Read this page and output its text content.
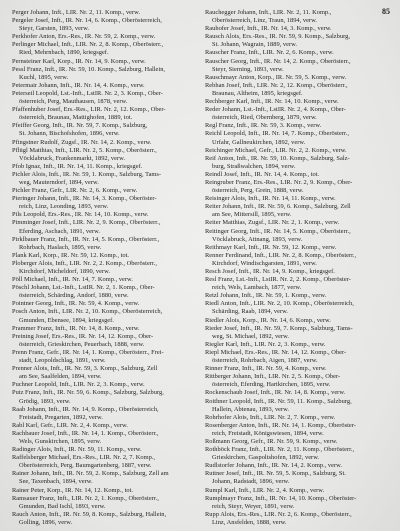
85
Perger Johann, Inft., LIR. Nr. 2, 11. Komp., verw.
Pergeler Josef, Inft., IR. Nr. 14, 6. Komp., Oberösterreich,
Steyr, Garsten, 1893, verw.
Perkhofer Anton, Ers.-Res., IR. Nr. 59, 2. Komp., verw.
Perlinger Michael, Inft., LIR. Nr. 2, 8. Komp., Oberösterr.,
Ried, Mehrnbach, 1890, kriegsgef.
Pernsteiner Karl, Korp., IR. Nr. 14, 9. Komp., verw.
Pessl Franz, Inft., IR. Nr. 59, 10. Komp., Salzburg, Hallein,
Kuchl, 1895, verw.
Petermair Johann, Inft., IR. Nr. 14, 4. Komp., verw.
Peterseil Leopold, Lst.-Inft., LstIR. Nr. 2, 3. Komp., Ober-
österreich, Perg, Mauthausen, 1878, verw.
Pfaffenhuber Josef, Ers.-Res., LIR. Nr. 2, 12. Komp., Ober-
österreich, Braunau, Mattighofen, 1889, tot.
Pfeiffer Georg, Inft., IR. Nr. 59, 7. Komp., Salzburg,
St. Johann, Bischofshofen, 1896, verw.
Pfingstner Rudolf, Zugsf., IR. Nr. 14, 2. Komp., verw.
Pflügl Matthias, Inft., LIR. Nr. 2, 5. Komp., Oberösterr.,
Vöcklabruck, Frankenmarkt, 1892, verw.
Pfob Ignaz, Inft., IR. Nr. 14, 11. Komp., kriegsgef.
Pichler Alois, Inft., IR. Nr. 59, 1. Komp., Salzburg, Tams-
weg, Mauterndorf, 1894, verw.
Pichler Franz, Gefr., LIR. Nr. 2, 6. Komp., verw.
Pieringer Johann, Inft., IR. Nr. 14, 3. Komp., Oberöster-
reich, Linz, Leonding, 1893, verw.
Pils Leopold, Ers.-Res., IR. Nr. 14, 10. Komp., verw.
Pimminger Josef, Inft., LIR. Nr. 2, 9. Komp., Oberösterr.,
Eferding, Aschach, 1891, verw.
Pirklbauer Franz, Inft., IR. Nr. 14, 5. Komp., Oberösterr.,
Rohrbach, Haslach, 1895, verw.
Plank Karl, Korp., IR. Nr. 59, 12. Komp., tot.
Ploberger Alois, Inft., LIR. Nr. 2, 2. Komp., Oberösterr.,
Kirchdorf, Micheldorf, 1890, verw.
Pöll Michael, Inft., IR. Nr. 14, 7. Komp., verw.
Pöschl Johann, Lst.-Inft., LstIR. Nr. 2, 1. Komp., Ober-
österreich, Schärding, Andorf, 1880, verw.
Pointner Georg, Inft., IR. Nr. 59, 4. Komp., verw.
Posch Anton, Inft., LIR. Nr. 2, 10. Komp., Oberösterreich,
Gmunden, Ebensee, 1894, kriegsgef.
Prammer Franz, Inft., IR. Nr. 14, 8. Komp., verw.
Preining Josef, Ers.-Res., IR. Nr. 14, 12. Komp., Ober-
österreich, Grieskirchen, Peuerbach, 1888, verw.
Prenn Franz, Gefr., IR. Nr. 14, 1. Komp., Oberösterr., Frei-
stadt, Leopoldschlag, 1891, verw.
Prenner Alois, Inft., IR. Nr. 59, 3. Komp., Salzburg, Zell
am See, Saalfelden, 1894, verw.
Puchner Leopold, Inft., LIR. Nr. 2, 3. Komp., verw.
Putz Franz, Inft., IR. Nr. 59, 6. Komp., Salzburg, Salzburg,
Grödig, 1893, verw.
Raab Johann, Inft., IR. Nr. 14, 9. Komp., Oberösterreich,
Freistadt, Pregarten, 1892, verw.
Rabl Karl, Gefr., LIR. Nr. 2, 4. Komp., verw.
Rachbauer Josef, Inft., IR. Nr. 14, 1. Komp., Oberösterr.,
Wels, Gunskirchen, 1895, verw.
Radinger Alois, Inft., IR. Nr. 59, 11. Komp., verw.
Raffelsberger Michael, Ers.-Res., LIR. Nr. 2, 7. Komp.,
Oberösterreich, Perg, Baumgartenberg, 1887, verw.
Rainer Johann, Inft., IR. Nr. 59, 2. Komp., Salzburg, Zell am
See, Taxenbach, 1894, verw.
Rainer Peter, Korp., IR. Nr. 14, 12. Komp., tot.
Ramsauer Franz, Inft., LIR. Nr. 2, 1. Komp., Oberösterr.,
Gmunden, Bad Ischl, 1893, verw.
Rauch Anton, Inft., IR. Nr. 59, 8. Komp., Salzburg, Hallein,
Golling, 1896, verw.
Rauchegger Johann, Inft., LIR. Nr. 2, 11. Komp.,
Oberösterreich, Linz, Traun, 1894, verw.
Rauhofer Josef, Inft., IR. Nr. 14, 3. Komp., verw.
Rausch Alois, Ers.-Res., IR. Nr. 59, 9. Komp., Salzburg,
St. Johann, Wagrain, 1889, verw.
Rauscher Franz, Inft., LIR. Nr. 2, 6. Komp., verw.
Rauscher Georg, Inft., IR. Nr. 14, 2. Komp., Oberösterr.,
Steyr, Sierning, 1893, verw.
Rauschmayr Anton, Korp., IR. Nr. 59, 5. Komp., verw.
Rebhan Josef, Inft., LIR. Nr. 2, 12. Komp., Oberösterr.,
Braunau, Altheim, 1895, kriegsgef.
Rechberger Karl, Inft., IR. Nr. 14, 10. Komp., verw.
Reder Johann, Lst.-Inft., LstIR. Nr. 2, 4. Komp., Ober-
österreich, Ried, Obernberg, 1879, verw.
Regl Franz, Inft., IR. Nr. 59, 3. Komp., verw.
Reichl Leopold, Inft., IR. Nr. 14, 7. Komp., Oberösterr.,
Urfahr, Gallneukirchen, 1892, verw.
Reichinger Michael, Gefr., LIR. Nr. 2, 2. Komp., verw.
Reif Anton, Inft., IR. Nr. 59, 10. Komp., Salzburg, Salz-
burg, Straßwalchen, 1894, verw.
Reindl Josef, Inft., IR. Nr. 14, 4. Komp., tot.
Reingruber Franz, Ers.-Res., LIR. Nr. 2, 9. Komp., Ober-
österreich, Perg, Grein, 1888, verw.
Reisinger Alois, Inft., IR. Nr. 14, 11. Komp., verw.
Reiter Johann, Inft., IR. Nr. 59, 6. Komp., Salzburg, Zell
am See, Mittersill, 1895, verw.
Reiter Matthias, Zugsf., LIR. Nr. 2, 1. Komp., verw.
Reitinger Georg, Inft., IR. Nr. 14, 5. Komp., Oberösterr.,
Vöcklabruck, Attnang, 1893, verw.
Reithmayr Karl, Inft., IR. Nr. 59, 12. Komp., verw.
Renner Ferdinand, Inft., LIR. Nr. 2, 8. Komp., Oberösterr.,
Kirchdorf, Windischgarsten, 1891, verw.
Resch Josef, Inft., IR. Nr. 14, 9. Komp., kriegsgef.
Resl Franz, Lst.-Inft., LstIR. Nr. 2, 2. Komp., Oberöster-
reich, Wels, Lambach, 1877, verw.
Retzl Johann, Inft., IR. Nr. 59, 1. Komp., verw.
Riedl Anton, Inft., LIR. Nr. 2, 10. Komp., Oberösterreich,
Schärding, Raab, 1894, verw.
Riedler Alois, Korp., IR. Nr. 14, 6. Komp., verw.
Rieder Josef, Inft., IR. Nr. 59, 7. Komp., Salzburg, Tams-
weg, St. Michael, 1892, verw.
Riegler Karl, Inft., LIR. Nr. 2, 3. Komp., verw.
Riepl Michael, Ers.-Res., IR. Nr. 14, 12. Komp., Ober-
österreich, Rohrbach, Aigen, 1887, verw.
Rinner Franz, Inft., IR. Nr. 59, 4. Komp., verw.
Rittberger Johann, Inft., LIR. Nr. 2, 5. Komp., Ober-
österreich, Eferding, Hartkirchen, 1895, verw.
Rockenschaub Josef, Inft., IR. Nr. 14, 8. Komp., verw.
Roithner Leopold, Inft., IR. Nr. 59, 11. Komp., Salzburg,
Hallein, Abtenau, 1893, verw.
Rohrhofer Alois, Inft., LIR. Nr. 2, 7. Komp., verw.
Rosenberger Anton, Inft., IR. Nr. 14, 1. Komp., Oberöster-
reich, Freistadt, Königswiesen, 1894, verw.
Roßmann Georg, Gefr., IR. Nr. 59, 9. Komp., verw.
Rothböck Franz, Inft., LIR. Nr. 2, 11. Komp., Oberösterr.,
Grieskirchen, Gaspoltshofen, 1892, verw.
Rudlstorfer Johann, Inft., IR. Nr. 14, 2. Komp., verw.
Ruttner Josef, Inft., IR. Nr. 59, 5. Komp., Salzburg, St.
Johann, Radstadt, 1896, verw.
Rumpl Karl, Inft., LIR. Nr. 2, 4. Komp., verw.
Rumplmayr Franz, Inft., IR. Nr. 14, 10. Komp., Oberöster-
reich, Steyr, Weyer, 1891, verw.
Rupp Alois, Ers.-Res., LIR. Nr. 2, 6. Komp., Oberösterr.,
Linz, Ansfelden, 1888, verw.
